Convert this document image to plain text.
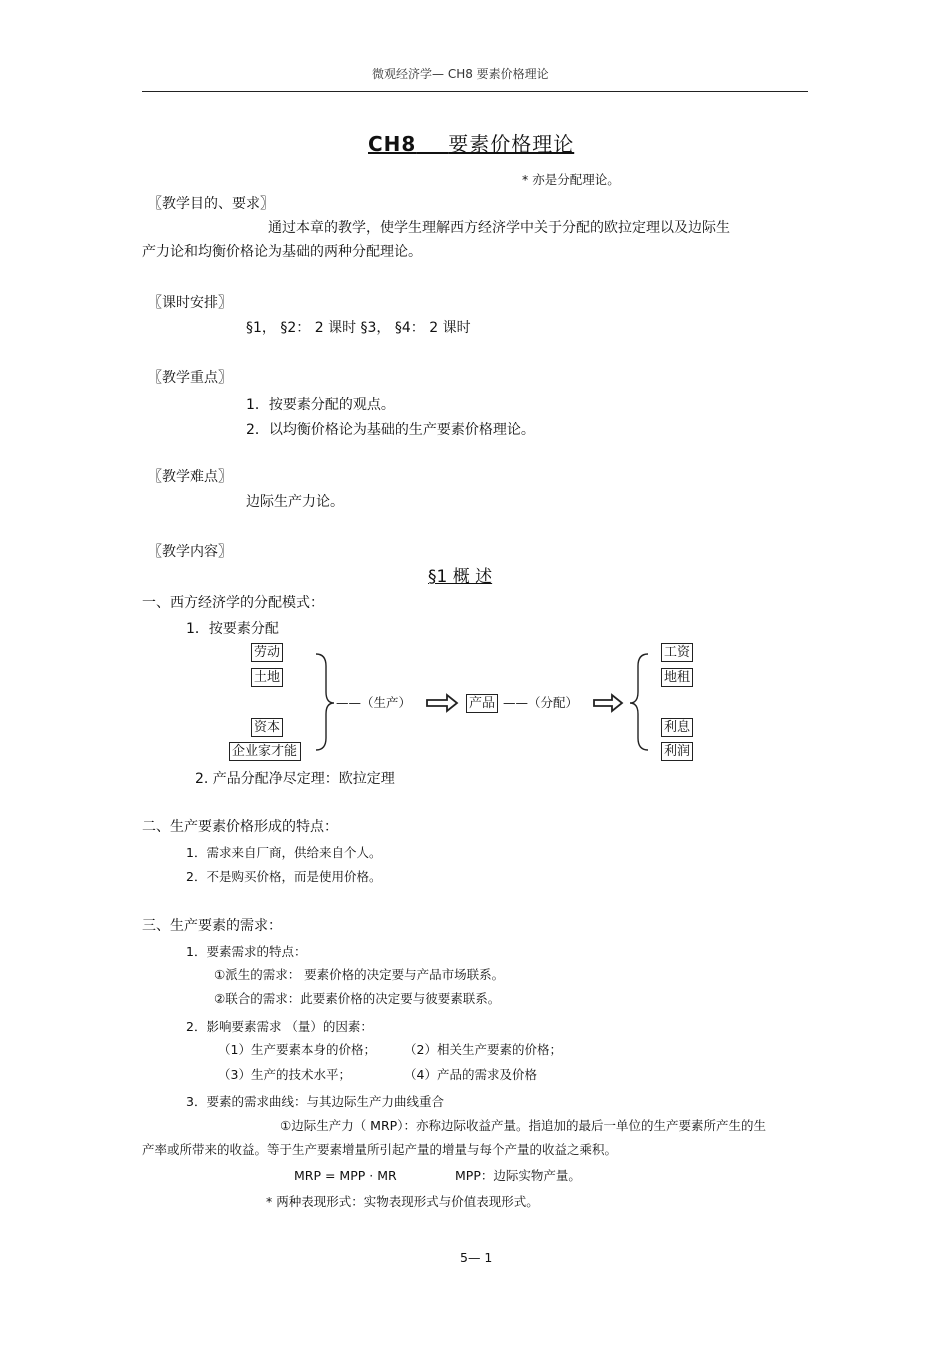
微观经济学— CH8 要素价格理论
CH8 要素价格理论
* 亦是分配理论。
〖教学目的、要求〗
通过本章的教学，使学生理解西方经济学中关于分配的欧拉定理以及边际生
产力论和均衡价格论为基础的两种分配理论。
〖课时安排〗
§1， §2： 2 课时 §3， §4： 2 课时
〖教学重点〗
1．按要素分配的观点。
2．以均衡价格论为基础的生产要素价格理论。
〖教学难点〗
边际生产力论。
〖教学内容〗
§1 概 述
一、西方经济学的分配模式：
1．按要素分配
劳动
土地
资本
企业家才能
——（生产）	产品 ——（分配）
工资
地租
利息
利润
2. 产品分配净尽定理：欧拉定理
二、生产要素价格形成的特点：
1．需求来自厂商，供给来自个人。
2．不是购买价格，而是使用价格。
三、生产要素的需求：
1．要素需求的特点：
①派生的需求： 要素价格的决定要与产品市场联系。
②联合的需求：此要素价格的决定要与彼要素联系。
2．影响要素需求 （量）的因素：
（1）生产要素本身的价格； （2）相关生产要素的价格；
（3）生产的技术水平；	（4）产品的需求及价格
3．要素的需求曲线：与其边际生产力曲线重合
①边际生产力（ MRP）：亦称边际收益产量。指追加的最后一单位的生产要素所产生的生
产率或所带来的收益。等于生产要素增量所引起产量的增量与每个产量的收益之乘积。
MRP = MPP · MR	MPP：边际实物产量。
* 两种表现形式：实物表现形式与价值表现形式。
5— 1
